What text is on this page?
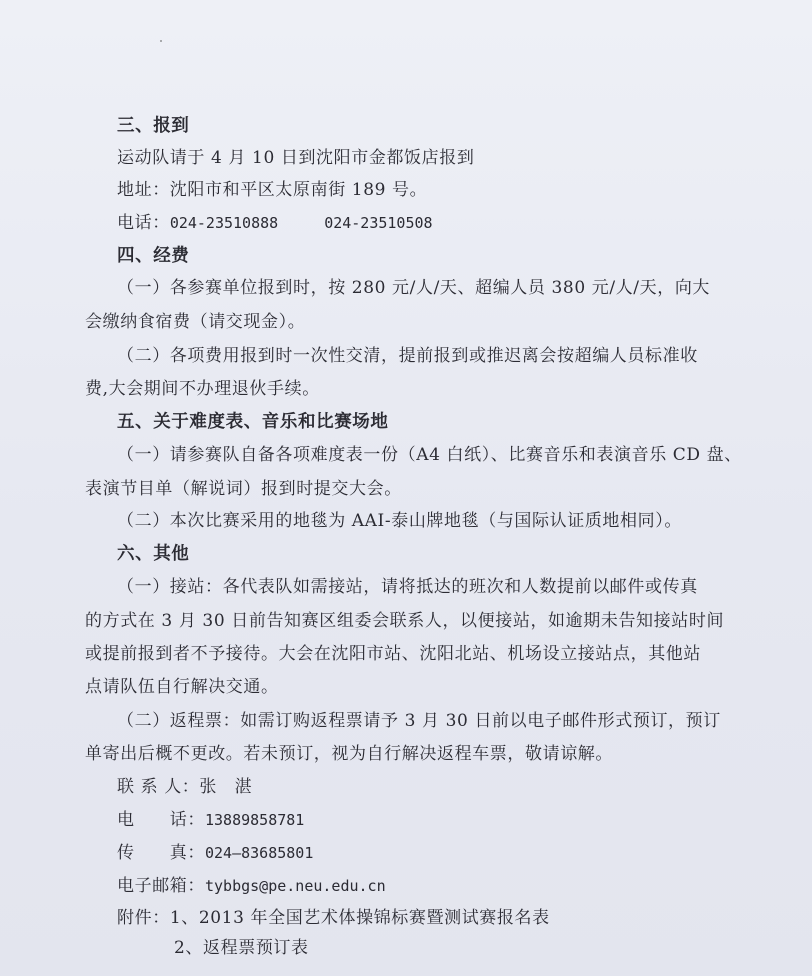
三、报到
运动队请于 4 月 10 日到沈阳市金都饭店报到
地址：沈阳市和平区太原南街 189 号。
电话：024-23510888	024-23510508
四、经费
（一）各参赛单位报到时，按 280 元/人/天、超编人员 380 元/人/天，向大
会缴纳食宿费（请交现金）。
（二）各项费用报到时一次性交清，提前报到或推迟离会按超编人员标准收
费,大会期间不办理退伙手续。
五、关于难度表、音乐和比赛场地
（一）请参赛队自备各项难度表一份（A4 白纸）、比赛音乐和表演音乐 CD 盘、
表演节目单（解说词）报到时提交大会。
（二）本次比赛采用的地毯为 AAI-泰山牌地毯（与国际认证质地相同）。
六、其他
（一）接站：各代表队如需接站，请将抵达的班次和人数提前以邮件或传真
的方式在 3 月 30 日前告知赛区组委会联系人，以便接站，如逾期未告知接站时间
或提前报到者不予接待。大会在沈阳市站、沈阳北站、机场设立接站点，其他站
点请队伍自行解决交通。
（二）返程票：如需订购返程票请予 3 月 30 日前以电子邮件形式预订，预订
单寄出后概不更改。若未预订，视为自行解决返程车票，敬请谅解。
联 系 人：张　湛
电　　话：13889858781
传　　真：024—83685801
电子邮箱：tybbgs@pe.neu.edu.cn
附件：1、2013 年全国艺术体操锦标赛暨测试赛报名表
2、返程票预订表
